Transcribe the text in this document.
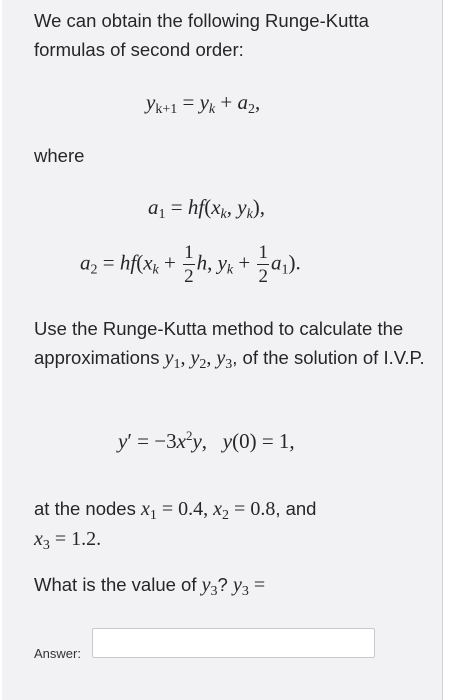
We can obtain the following Runge-Kutta formulas of second order:
$y_{k+1} = y_k + a_2$,
where
$a_1 = hf(x_k$, $y_k$),
$a_2 = hf(x_k + \frac{1}{2} h$, $y_k + \frac{1}{2} a_1$).
Use the Runge-Kutta method to calculate the approximations $y_1$, $y_2$, $y_3$, of the solution of I.V.P.
$y' = -3x^2y$,   y(0) = 1,
at the nodes $x_1 = 0.4$, $x_2 = 0.8$, and
$x_3 = 1.2$.
What is the value of $y_3$? $y_3$ =
Answer:
